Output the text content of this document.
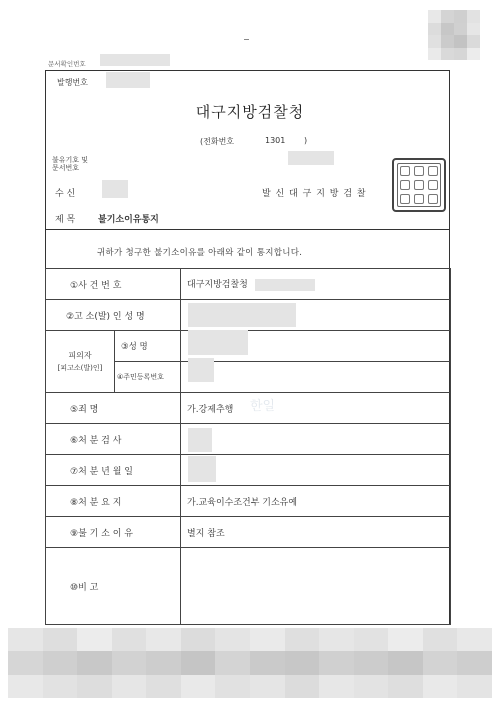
문서확인번호
발행번호
대구지방검찰청
(전화번호	1301 )
불유기호 및
문서번호
수 신	발 신 대 구 지 방 검 찰
제 목	불기소이유통지
귀하가 청구한 불기소이유를 아래와 같이 통지합니다.
①사 건 번 호		대구지방검찰청
②고 소(발) 인 성 명		

피의자
[피고소(발)인]	③성 명	
	④주민등록번호	
⑤죄 명		가.강제추행
⑥처 분 검 사		
⑦처 분 년 월 일		
⑧처 분 요 지		가.교육이수조건부 기소유예
⑨불 기 소 이 유		별지 참조
⑩비 고		
한일
